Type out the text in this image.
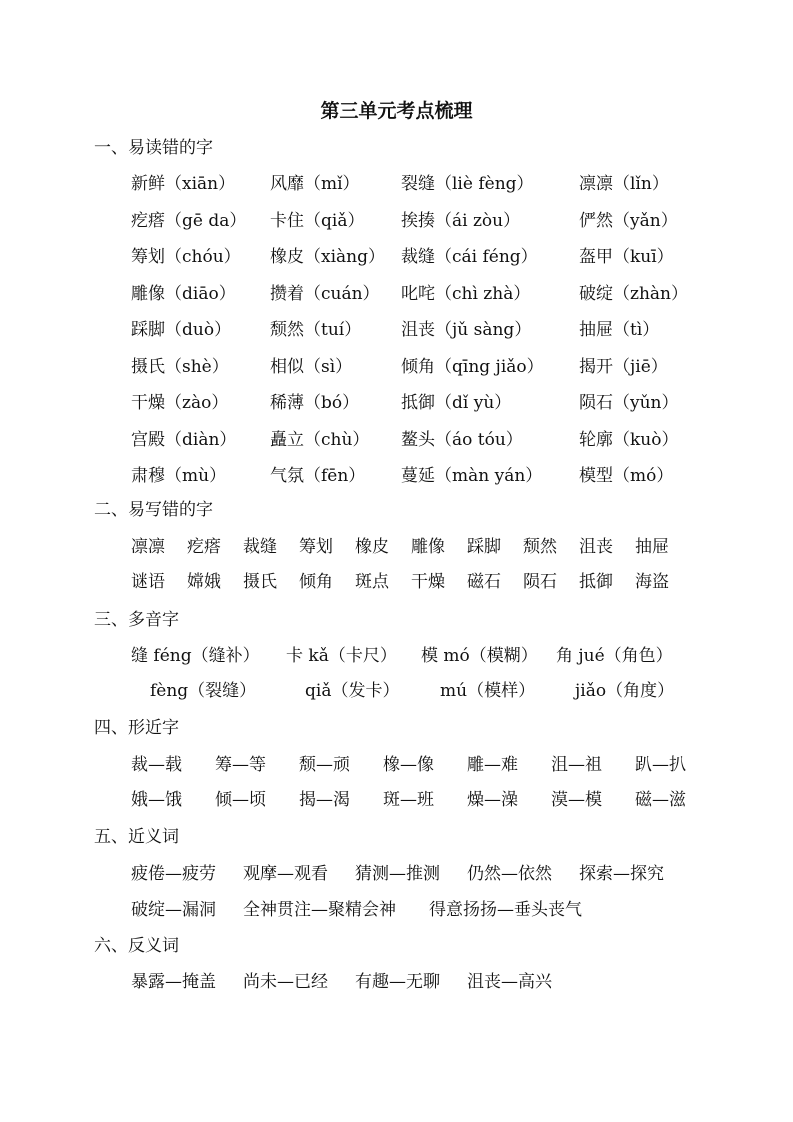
第三单元考点梳理
一、易读错的字
新鲜（xiān） 风靡（mǐ） 裂缝（liè fèng）	凛凛（lǐn）
疙瘩（gē da） 卡住（qiǎ） 挨揍（ái zòu）	俨然（yǎn）
筹划（chóu） 橡皮（xiàng） 裁缝（cái féng） 盔甲（kuī）
雕像（diāo） 攒着（cuán） 叱咤（chì zhà）	破绽（zhàn）
踩脚（duò） 颓然（tuí） 沮丧（jǔ sàng）	抽屉（tì）
摄氏（shè） 相似（sì）	倾角（qīng jiǎo） 揭开（jiē）
干燥（zào） 稀薄（bó） 抵御（dǐ yù）	陨石（yǔn）
宫殿（diàn） 矗立（chù） 鳌头（áo tóu）	轮廓（kuò）
肃穆（mù）	气氛（fēn） 蔓延（màn yán） 模型（mó）
二、易写错的字
凛凛 疙瘩 裁缝 筹划 橡皮 雕像 踩脚 颓然 沮丧 抽屉
谜语 嫦娥 摄氏 倾角 斑点 干燥 磁石 陨石 抵御 海盗
三、多音字
缝 féng（缝补） 卡 kǎ（卡尺） 模 mó（模糊） 角 jué（角色）
fèng（裂缝）	qiǎ（发卡） mú（模样） jiǎo（角度）
四、形近字
裁—载 筹—等 颓—顽 橡—像 雕—难 沮—祖 趴—扒
娥—饿 倾—顷 揭—渴 斑—班 燥—澡 漠—模 磁—滋
五、近义词
疲倦—疲劳 观摩—观看 猜测—推测 仍然—依然 探索—探究
破绽—漏洞 全神贯注—聚精会神 得意扬扬—垂头丧气
六、反义词
暴露—掩盖 尚未—已经 有趣—无聊 沮丧—高兴
